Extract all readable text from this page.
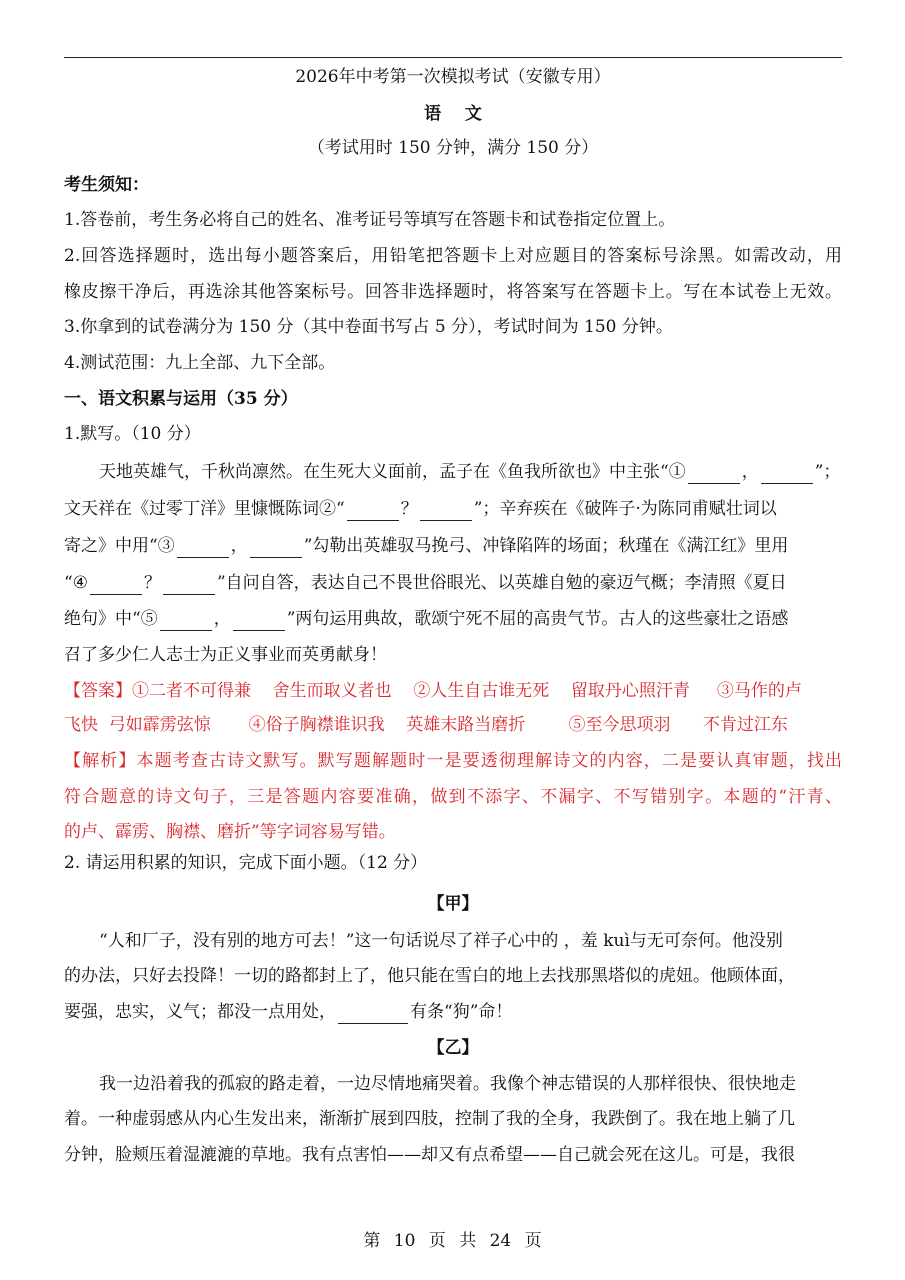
2026年中考第一次模拟考试（安徽专用）
语    文
（考试用时 150 分钟，满分 150 分）
考生须知：
1.答卷前，考生务必将自己的姓名、准考证号等填写在答题卡和试卷指定位置上。
2.回答选择题时，选出每小题答案后，用铅笔把答题卡上对应题目的答案标号涂黑。如需改动，用
橡皮擦干净后，再选涂其他答案标号。回答非选择题时，将答案写在答题卡上。写在本试卷上无效。
3.你拿到的试卷满分为 150 分（其中卷面书写占 5 分），考试时间为 150 分钟。
4.测试范围：九上全部、九下全部。
一、语文积累与运用（35 分）
1.默写。（10 分）
天地英雄气，千秋尚凛然。在生死大义面前，孟子在《鱼我所欲也》中主张“①	，	”；
文天祥在《过零丁洋》里慷慨陈词②“	？	”；辛弃疾在《破阵子·为陈同甫赋壮词以
寄之》中用“③	，	”勾勒出英雄驭马挽弓、冲锋陷阵的场面；秋瑾在《满江红》里用
“④	？	”自问自答，表达自己不畏世俗眼光、以英雄自勉的豪迈气概；李清照《夏日
绝句》中“⑤	，	”两句运用典故，歌颂宁死不屈的高贵气节。古人的这些豪壮之语感
召了多少仁人志士为正义事业而英勇献身！
【答案】①二者不可得兼    舍生而取义者也    ②人生自古谁无死    留取丹心照汗青     ③马作的卢
飞快  弓如霹雳弦惊       ④俗子胸襟谁识我    英雄末路当磨折        ⑤至今思项羽      不肯过江东
【解析】本题考查古诗文默写。默写题解题时一是要透彻理解诗文的内容，二是要认真审题，找出
符合题意的诗文句子，三是答题内容要准确，做到不添字、不漏字、不写错别字。本题的“汗青、
的卢、霹雳、胸襟、磨折”等字词容易写错。
2. 请运用积累的知识，完成下面小题。（12 分）
【甲】
“人和厂子，没有别的地方可去！”这一句话说尽了祥子心中的 ，羞 kuì与无可奈何。他没别
的办法，只好去投降！一切的路都封上了，他只能在雪白的地上去找那黑塔似的虎妞。他顾体面，
要强，忠实，义气；都没一点用处，	有条“狗”命！
【乙】
我一边沿着我的孤寂的路走着，一边尽情地痛哭着。我像个神志错误的人那样很快、很快地走
着。一种虚弱感从内心生发出来，渐渐扩展到四肢，控制了我的全身，我跌倒了。我在地上躺了几
分钟，脸颊压着湿漉漉的草地。我有点害怕——却又有点希望——自己就会死在这儿。可是，我很
第 10 页 共 24 页
